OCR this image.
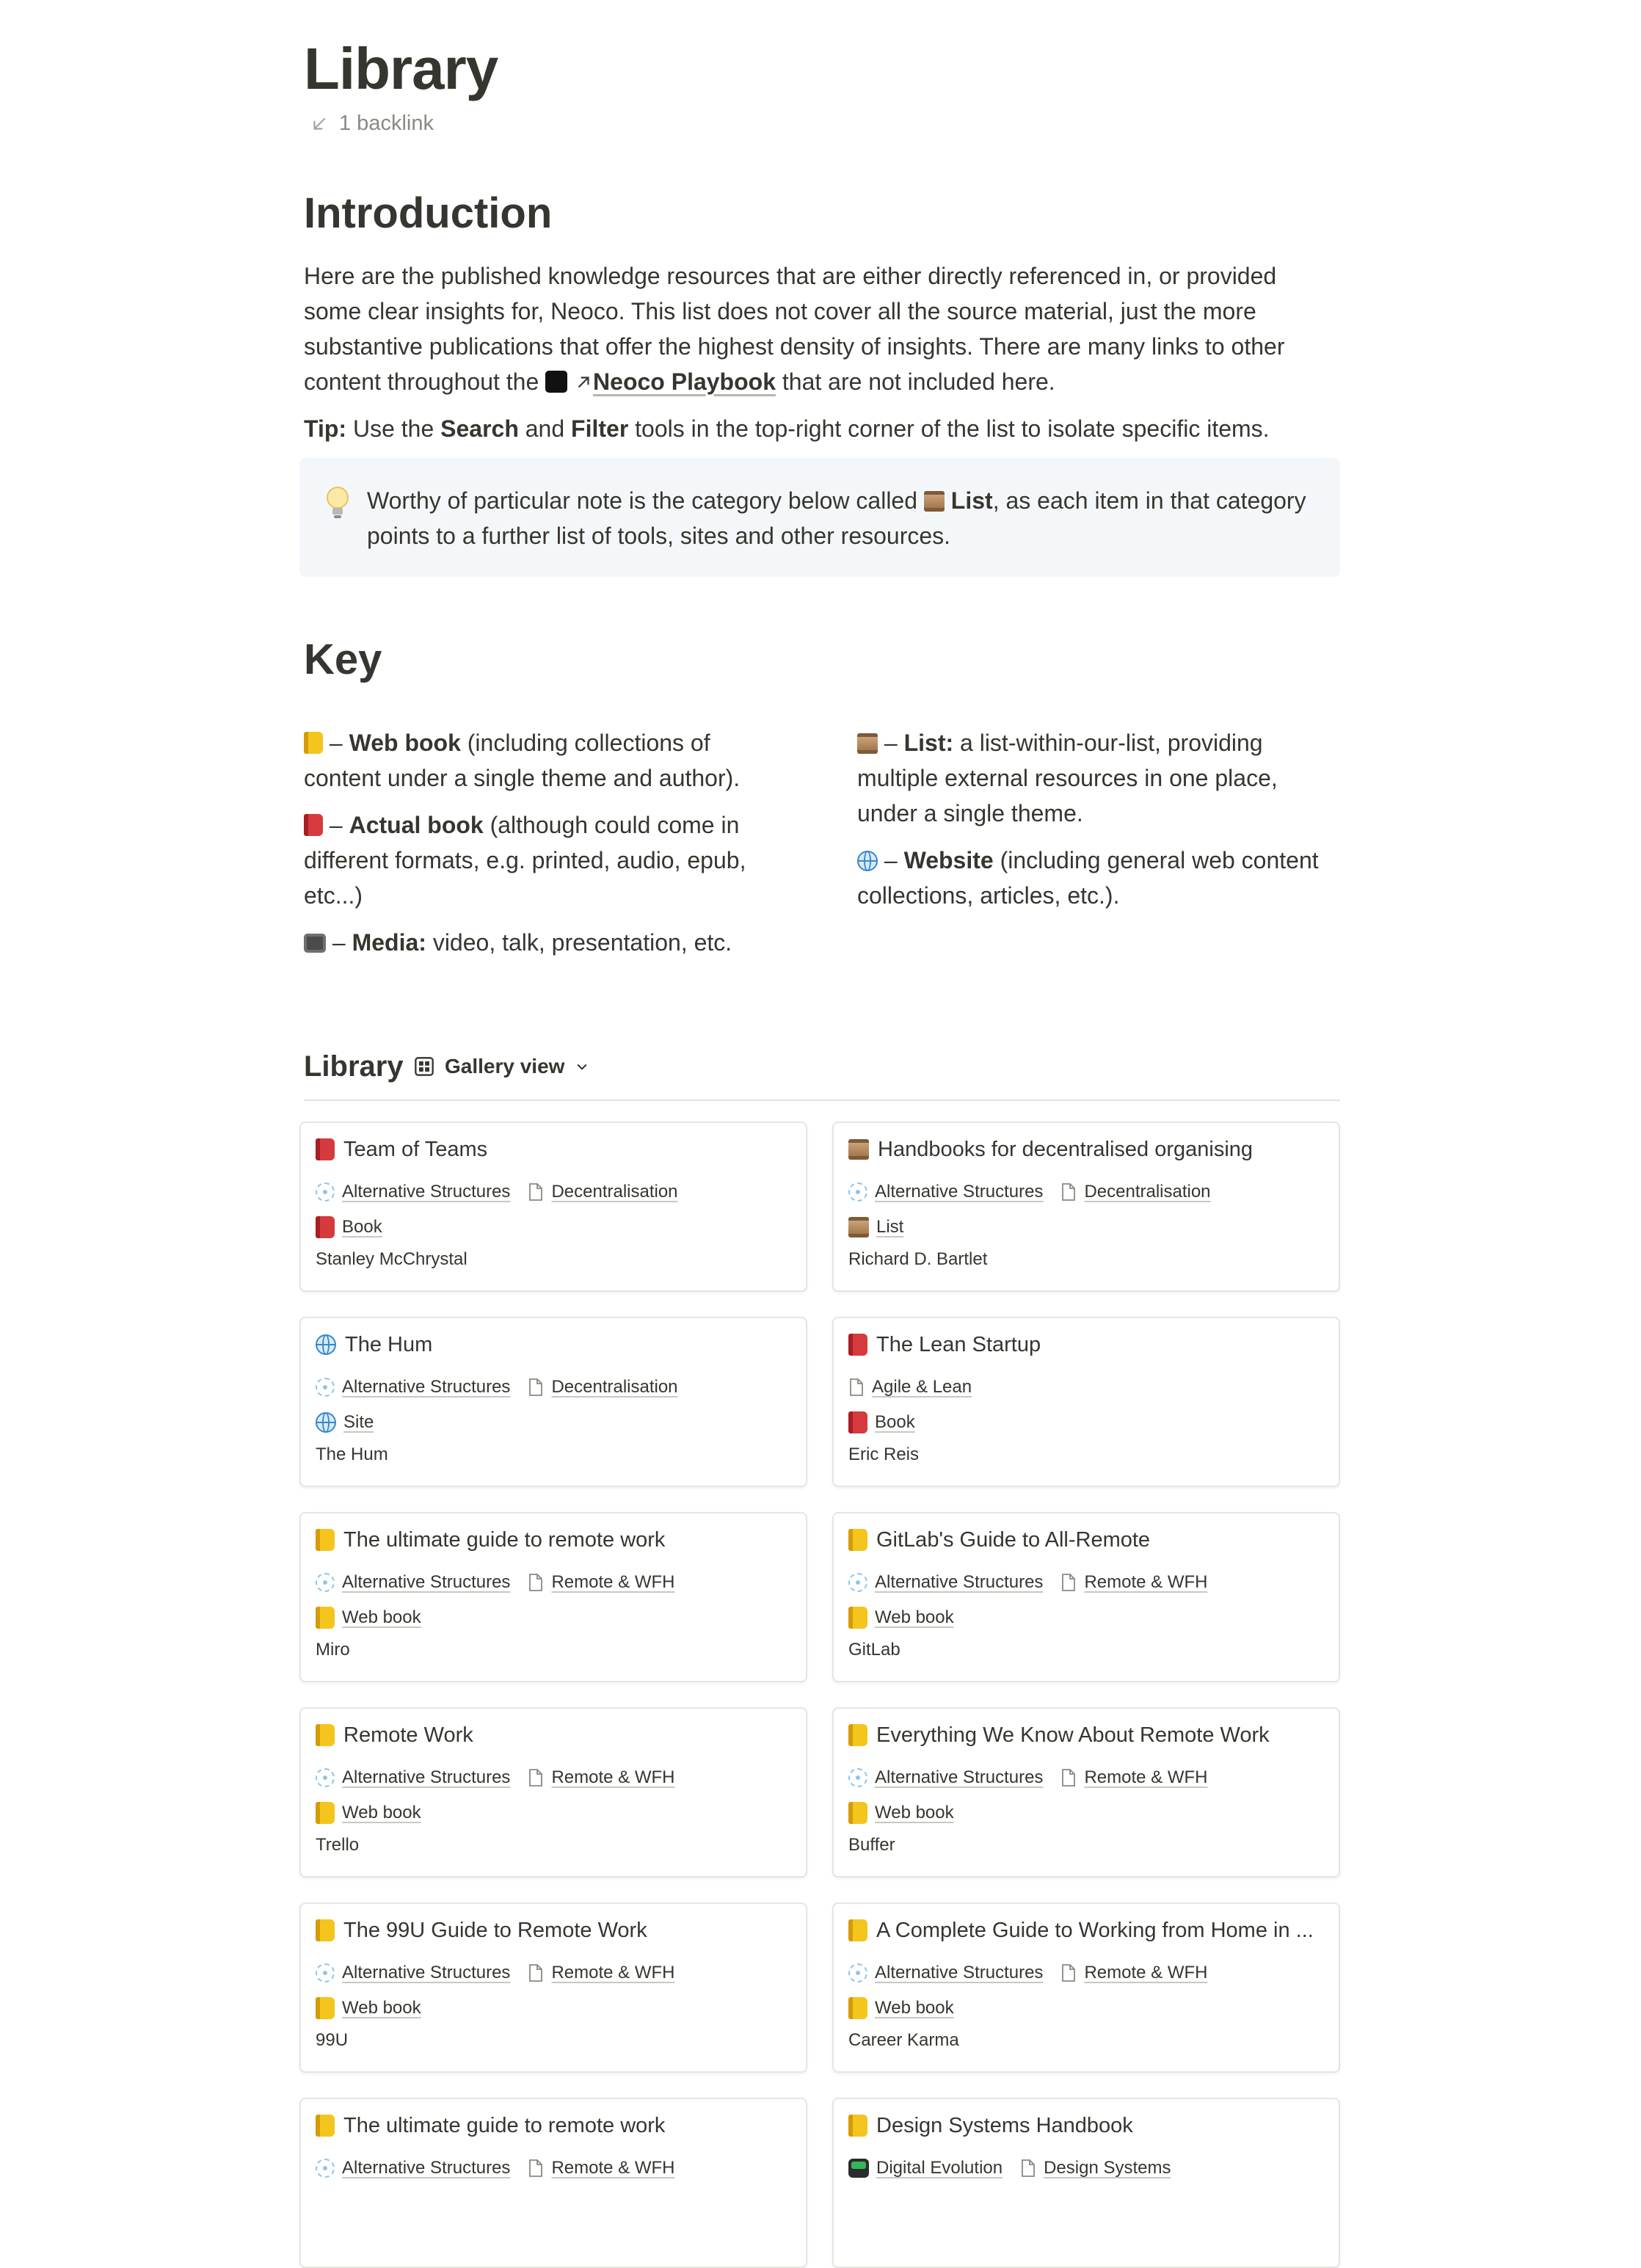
Library
1 backlink
Introduction

Here are the published knowledge resources that are either directly referenced in, or provided some clear insights for, Neoco. This list does not cover all the source material, just the more substantive publications that offer the highest density of insights. There are many links to other content throughout the  Neoco Playbook that are not included here.

Tip: Use the Search and Filter tools in the top-right corner of the list to isolate specific items.

Worthy of particular note is the category below called  List, as each item in that category points to a further list of tools, sites and other resources.
Key

– Web book (including collections of content under a single theme and author).

– Actual book (although could come in different formats, e.g. printed, audio, epub, etc...)

– Media: video, talk, presentation, etc.

– List: a list-within-our-list, providing multiple external resources in one place, under a single theme.

– Website (including general web content collections, articles, etc.).

Library Gallery view
Team of Teams
Alternative Structures Decentralisation
Book
Stanley McChrystal
Handbooks for decentralised organising
Alternative Structures Decentralisation
List
Richard D. Bartlet
The Hum
Alternative Structures Decentralisation
Site
The Hum
The Lean Startup
Agile & Lean
Book
Eric Reis
The ultimate guide to remote work
Alternative Structures Remote & WFH
Web book
Miro
GitLab's Guide to All-Remote
Alternative Structures Remote & WFH
Web book
GitLab
Remote Work
Alternative Structures Remote & WFH
Web book
Trello
Everything We Know About Remote Work
Alternative Structures Remote & WFH
Web book
Buffer
The 99U Guide to Remote Work
Alternative Structures Remote & WFH
Web book
99U
A Complete Guide to Working from Home in ...
Alternative Structures Remote & WFH
Web book
Career Karma
The ultimate guide to remote work
Alternative Structures Remote & WFH
Design Systems Handbook
Digital Evolution Design Systems
